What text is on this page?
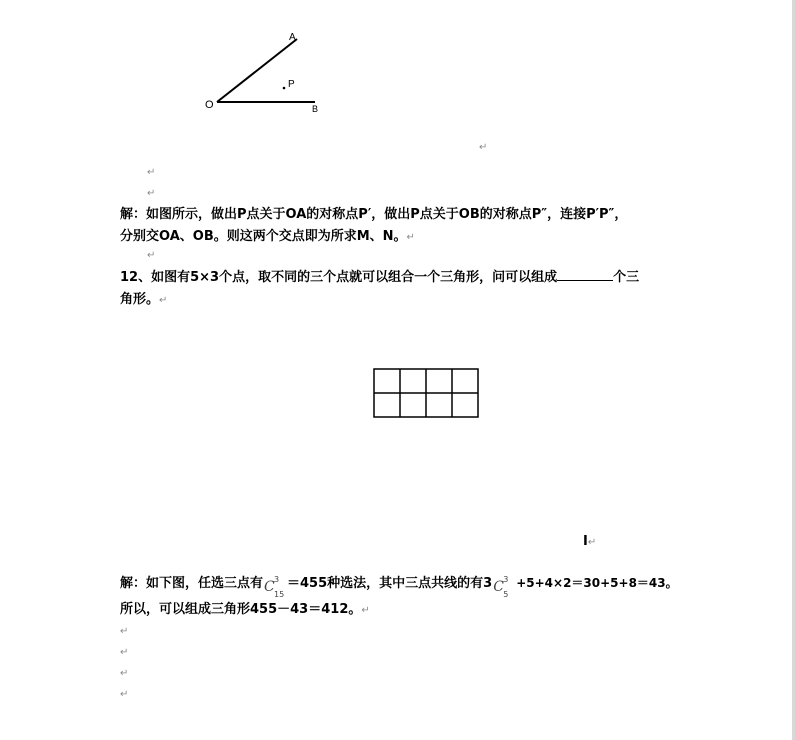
A
O	B
P
↵
↵
↵
解：如图所示，做出P点关于OA的对称点P′，做出P点关于OB的对称点P″，连接P′P″，
分别交OA、OB。则这两个交点即为所求M、N。↵
↵
12、如图有5×3个点，取不同的三个点就可以组合一个三角形，问可以组成	个三
角形。↵
I↵
解：如下图，任选三点有 C 3
15
＝455种选法，其中三点共线的有3 C 3
5
+5+4×2＝30+5+8＝43。
所以，可以组成三角形455－43＝412。↵
↵
↵
↵
↵
